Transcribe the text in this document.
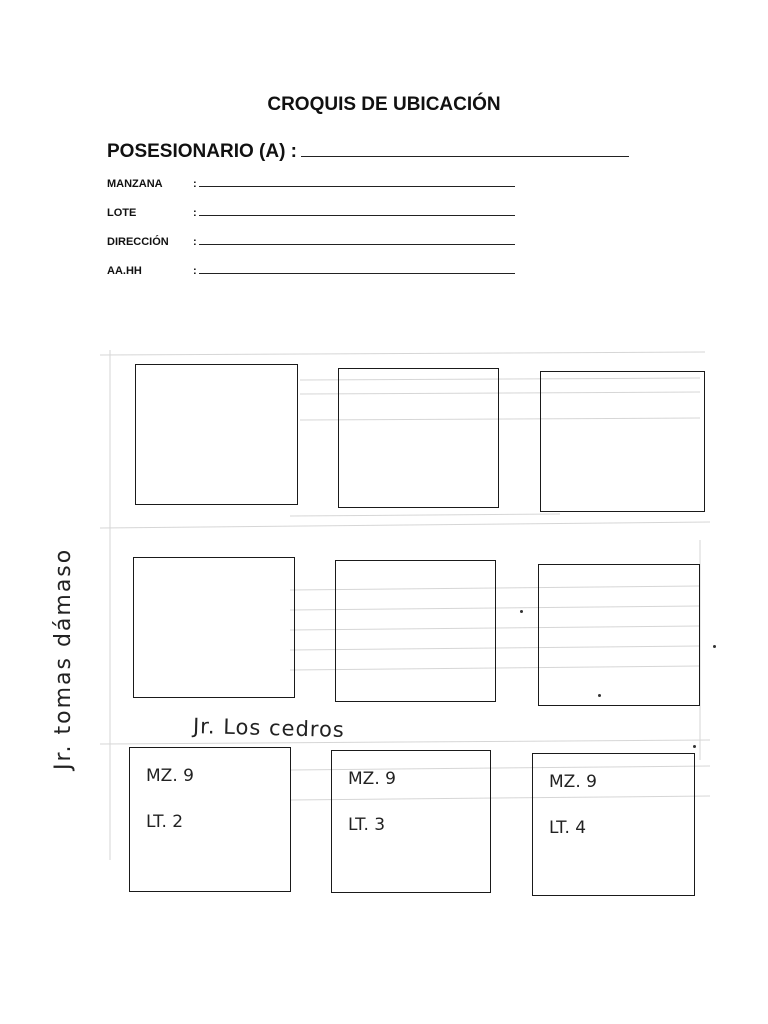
CROQUIS DE UBICACIÓN
POSESIONARIO (A) :
MANZANA	:
LOTE	:
DIRECCIÓN :
AA.HH	:
Jr. Los cedros
Jr. tomas dámaso
MZ. 9
LT. 2
MZ. 9
LT. 3
MZ. 9
LT. 4
